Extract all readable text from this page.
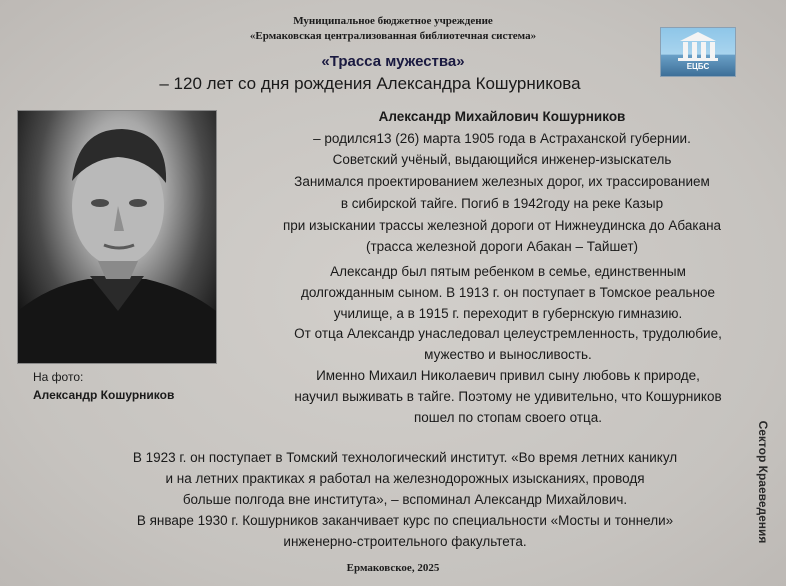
Муниципальное бюджетное учреждение
«Ермаковская централизованная библиотечная система»
ЕЦБС
«Трасса мужества»
– 120 лет со дня рождения Александра Кошурникова
Александр Михайлович Кошурников
– родился13 (26) марта 1905 года в Астраханской губернии.
Советский учёный, выдающийся инженер-изыскатель
Занимался проектированием железных дорог, их трассированием
в сибирской тайге. Погиб в 1942году на реке Казыр
при изыскании трассы железной дороги от Нижнеудинска до Абакана
(трасса железной дороги Абакан – Тайшет)
Александр был пятым ребенком в семье, единственным
долгожданным сыном. В 1913 г. он поступает в Томское реальное
училище, а в 1915 г. переходит в губернскую гимназию.
От отца Александр унаследовал целеустремленность, трудолюбие,
мужество и выносливость.
Именно Михаил Николаевич привил сыну любовь к природе,
научил выживать в тайге. Поэтому не удивительно, что Кошурников
пошел по стопам своего отца.
На фото:
Александр Кошурников
В 1923 г. он поступает в Томский технологический институт. «Во время летних каникул
и на летних практиках я работал на железнодорожных изысканиях, проводя
больше полгода вне института», – вспоминал Александр Михайлович.
В январе 1930 г. Кошурников заканчивает курс по специальности «Мосты и тоннели»
инженерно-строительного факультета.	Сектор Краеведения
Ермаковское, 2025
